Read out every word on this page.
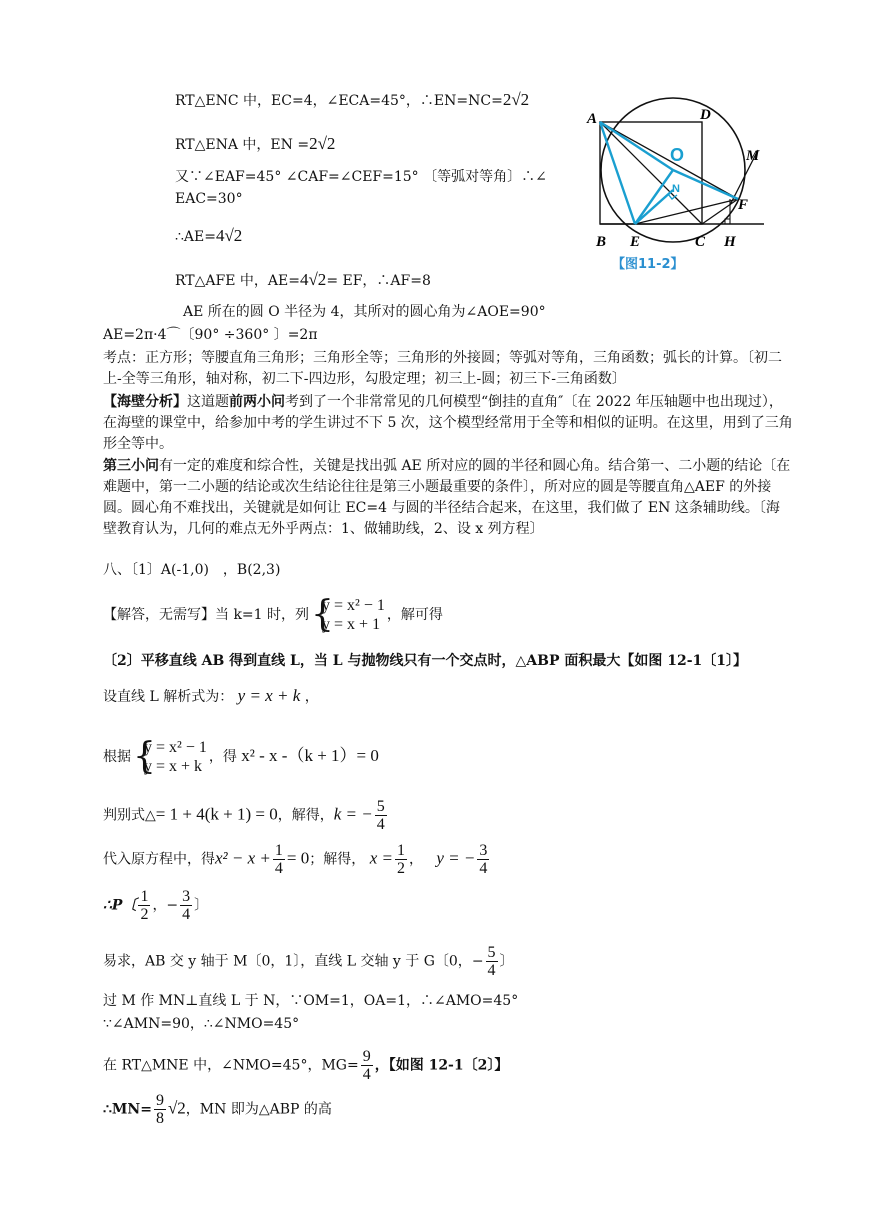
A	D
O
N
M
F
B E	C H
【图11-2】
RT△ENC 中，EC=4，∠ECA=45°，∴EN=NC=2√2
RT△ENA 中，EN =2√2
又∵∠EAF=45° ∠CAF=∠CEF=15° 〔等弧对等角〕∴∠
EAC=30°
∴AE=4√2
RT△AFE 中，AE=4√2= EF，∴AF=8
AE 所在的圆 O 半径为 4，其所对的圆心角为∠AOE=90°
AE=2π·4⌒〔90° ÷360° 〕=2π
考点：正方形；等腰直角三角形；三角形全等；三角形的外接圆；等弧对等角，三角函数；弧长的计算。〔初二上-全等三角形，轴对称，初二下-四边形，勾股定理；初三上-圆；初三下-三角函数〕
【海壁分析】这道题前两小问考到了一个非常常见的几何模型“倒挂的直角″〔在 2022 年压轴题中也出现过），在海壁的课堂中，给参加中考的学生讲过不下 5 次，这个模型经常用于全等和相似的证明。在这里，用到了三角形全等中。
第三小问有一定的难度和综合性，关键是找出弧 AE 所对应的圆的半径和圆心角。结合第一、二小题的结论〔在难题中，第一二小题的结论或次生结论往往是第三小题最重要的条件〕，所对应的圆是等腰直角△AEF 的外接圆。圆心角不难找出，关键就是如何让 EC=4 与圆的半径结合起来，在这里，我们做了 EN 这条辅助线。〔海壁教育认为，几何的难点无外乎两点：1、做辅助线，2、设 x 列方程〕
八、〔1〕A(-1,0)　，B(2,3)
【解答，无需写】当 k=1 时，列 {
y = x² − 1
y = x + 1
，解可得
〔2〕平移直线 AB 得到直线 L，当 L 与抛物线只有一个交点时，△ABP 面积最大【如图 12-1〔1〕】
设直线 L 解析式为： y = x + k ，
根据 {
y = x² − 1
y = x + k
，得 x² - x -（k + 1）= 0
判别式△= 1 + 4(k + 1) = 0，解得，k = − $\frac{5}{4}$
代入原方程中，得$x^2 - x + \frac{1}{4} = 0$；解得， $x = \frac{1}{2}$ ，   y = − $\frac{3}{4}$
∴P〔 $\frac{1}{2}$ ，− $\frac{3}{4}$ 〕
易求，AB 交 y 轴于 M〔0，1〕，直线 L 交轴 y 于 G〔0，− $\frac{5}{4}$ 〕
过 M 作 MN⊥直线 L 于 N，∵OM=1，OA=1，∴∠AMO=45°
∵∠AMN=90，∴∠NMO=45°
在 RT△MNE 中，∠NMO=45°，$MG= \frac{9}{4}$ ，【如图 12-1〔2〕】
∴MN= $\frac{9}{8} √2$，MN 即为△ABP 的高
